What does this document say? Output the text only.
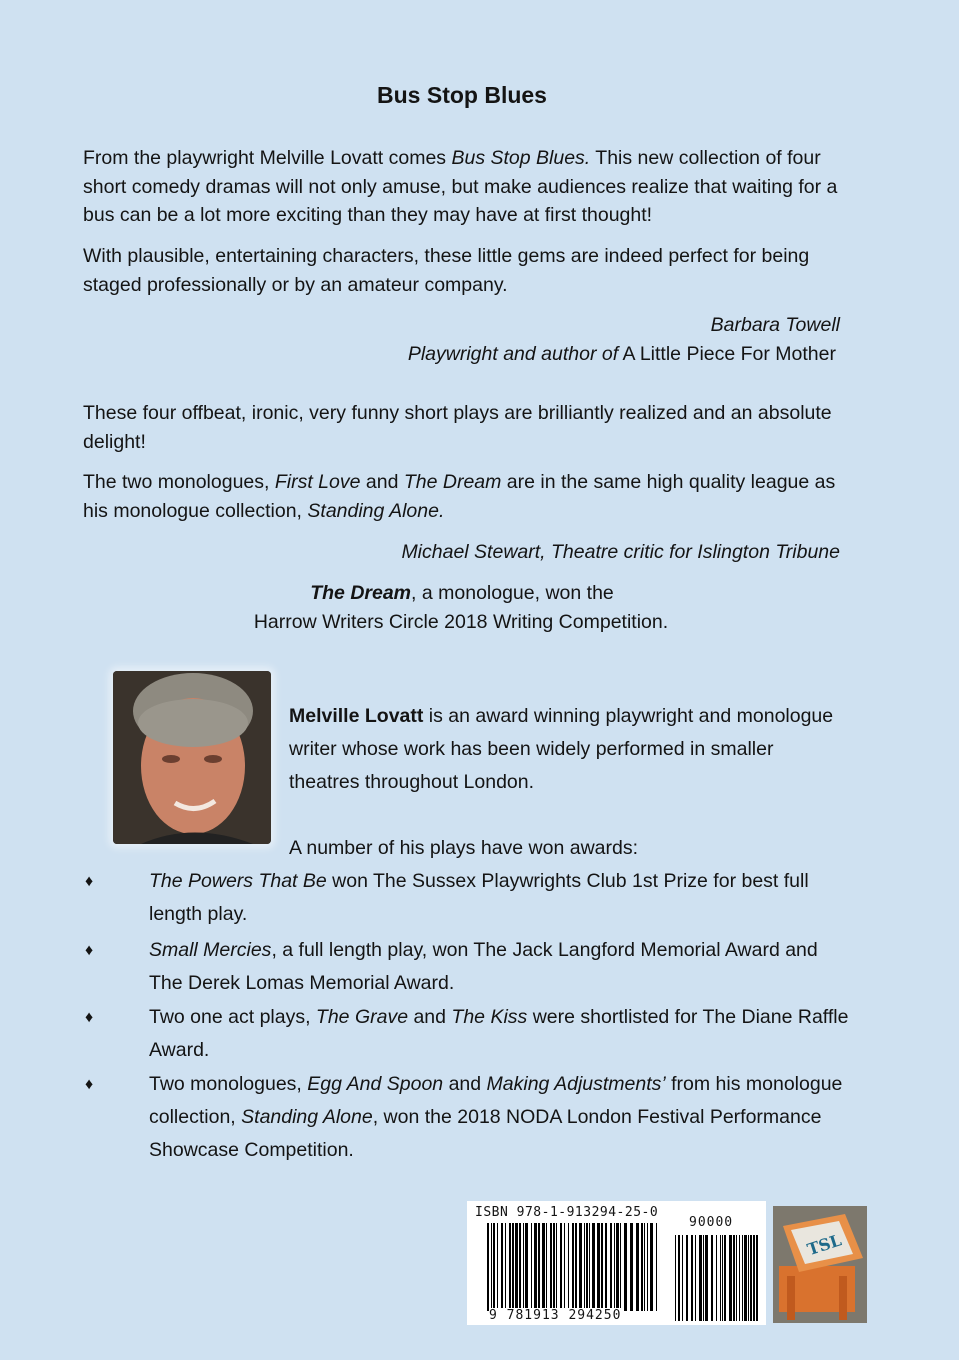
Bus Stop Blues
From the playwright Melville Lovatt comes Bus Stop Blues. This new collection of four short comedy dramas will not only amuse, but make audiences realize that waiting for a bus can be a lot more exciting than they may have at first thought!
With plausible, entertaining characters, these little gems are indeed perfect for being staged professionally or by an amateur company.
Barbara Towell
Playwright and author of A Little Piece For Mother
These four offbeat, ironic, very funny short plays are brilliantly realized and an absolute delight!
The two monologues, First Love and The Dream are in the same high quality league as his monologue collection, Standing Alone.
Michael Stewart, Theatre critic for Islington Tribune
The Dream, a monologue, won the
Harrow Writers Circle 2018 Writing Competition.
Melville Lovatt is an award winning playwright and monologue writer whose work has been widely performed in smaller theatres throughout London.
A number of his plays have won awards:
♦	The Powers That Be won The Sussex Playwrights Club 1st Prize for best full length play.
♦	Small Mercies, a full length play, won The Jack Langford Memorial Award and The Derek Lomas Memorial Award.
♦	Two one act plays, The Grave and The Kiss were shortlisted for The Diane Raffle Award.
♦	Two monologues, Egg And Spoon and Making Adjustments’ from his monologue collection, Standing Alone, won the 2018 NODA London Festival Performance Showcase Competition.
ISBN 978-1-913294-25-0
90000
9 781913 294250
TSL
